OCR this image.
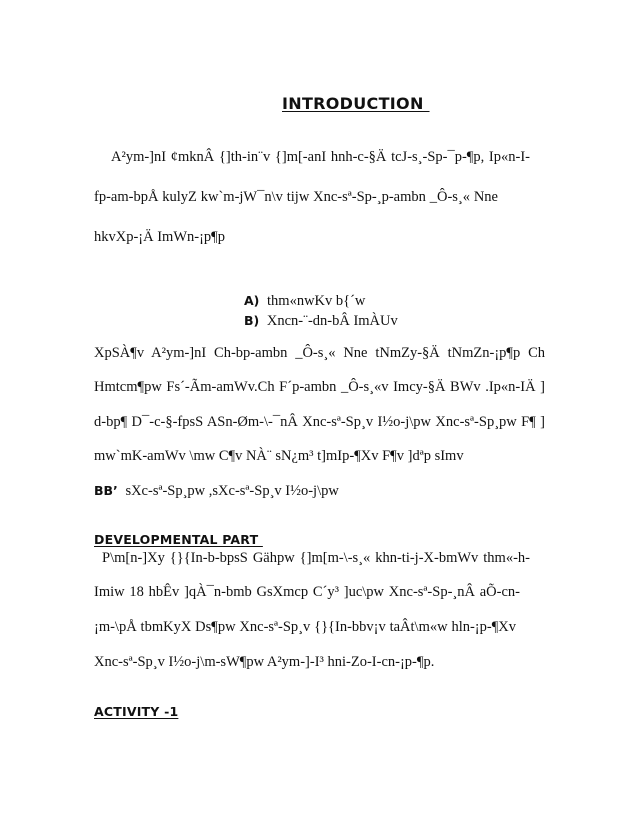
INTRODUCTION
A²ym-]nI ¢mknÂ {]th-in¨v {]m[-anI hnh-c-§Ä tcJ-s¸-Sp-¯p-¶p, Ip«n-I-
fp-am-bpÅ kulyZ kw`m-jW¯n\v tijw Xnc-sª-Sp-¸p-ambn _Ô-s¸« Nne
hkvXp-¡Ä ImWn-¡p¶p
A) thm«nwKv b{´w
B) Xncn-¨-dn-bÂ ImÀUv
XpSÀ¶v A²ym-]nI Ch-bp-ambn _Ô-s¸« Nne tNmZy-§Ä tNmZn-¡p¶p Ch
Hmtcm¶pw Fs´-Ãm-amWv.Ch F´p-ambn _Ô-s¸«v Imcy-§Ä BWv .Ip«n-IÄ ]
d-bp¶ D¯-c-§-fpsS ASn-Øm-\-¯nÂ Xnc-sª-Sp¸v I½o-j\pw Xnc-sª-Sp¸pw F¶ ]
mw`mK-amWv \mw C¶v NÀ¨ sN¿m³ t]mIp-¶Xv F¶v ]dªp sImv
BB’ sXc-sª-Sp¸pw ,sXc-sª-Sp¸v I½o-j\pw
DEVELOPMENTAL PART
P\m[n-]Xy {}{In-b-bpsS Gähpw {]m[m-\-s¸« khn-ti-j-X-bmWv thm«-h-
Imiw 18 hbÊv ]qÀ¯n-bmb GsXmcp C´y³ ]uc\pw Xnc-sª-Sp-¸nÂ aÕ-cn-
¡m-\pÅ tbmKyX Ds¶pw Xnc-sª-Sp¸v {}{In-bbv¡v taÂt\m«w hln-¡p-¶Xv
Xnc-sª-Sp¸v I½o-j\m-sW¶pw A²ym-]-I³ hni-Zo-I-cn-¡p-¶p.
ACTIVITY -1
